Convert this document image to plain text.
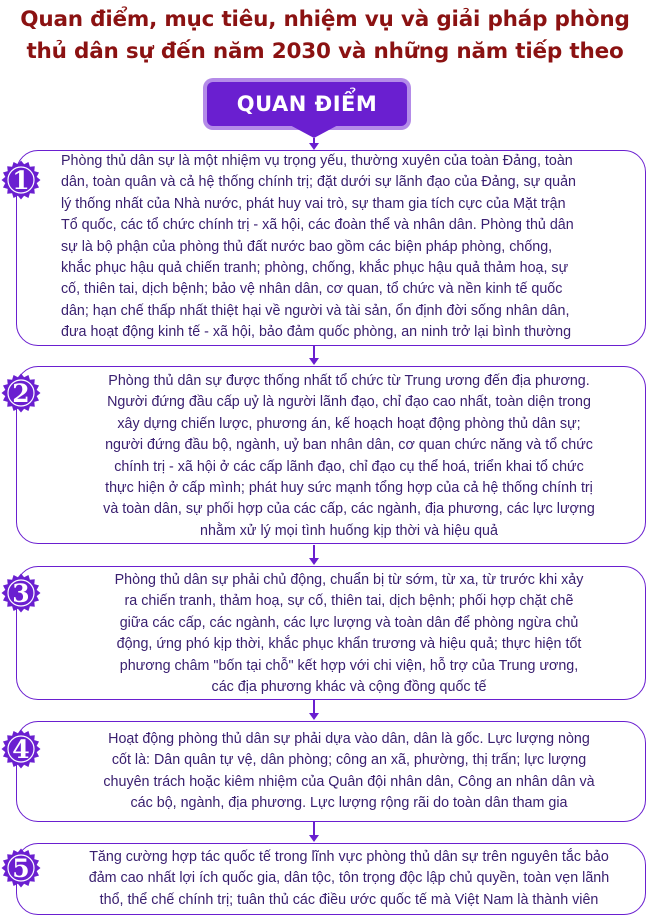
Quan điểm, mục tiêu, nhiệm vụ và giải pháp phòng
thủ dân sự đến năm 2030 và những năm tiếp theo
QUAN ĐIỂM
Phòng thủ dân sự là một nhiệm vụ trọng yếu, thường xuyên của toàn Đảng, toàn
dân, toàn quân và cả hệ thống chính trị; đặt dưới sự lãnh đạo của Đảng, sự quản
lý thống nhất của Nhà nước, phát huy vai trò, sự tham gia tích cực của Mặt trận
Tổ quốc, các tổ chức chính trị - xã hội, các đoàn thể và nhân dân. Phòng thủ dân
sự là bộ phận của phòng thủ đất nước bao gồm các biện pháp phòng, chống,
khắc phục hậu quả chiến tranh; phòng, chống, khắc phục hậu quả thảm hoạ, sự
cố, thiên tai, dịch bệnh; bảo vệ nhân dân, cơ quan, tổ chức và nền kinh tế quốc
dân; hạn chế thấp nhất thiệt hại về người và tài sản, ổn định đời sống nhân dân,
đưa hoạt động kinh tế - xã hội, bảo đảm quốc phòng, an ninh trở lại bình thường
Phòng thủ dân sự được thống nhất tổ chức từ Trung ương đến địa phương.
Người đứng đầu cấp uỷ là người lãnh đạo, chỉ đạo cao nhất, toàn diện trong
xây dựng chiến lược, phương án, kế hoạch hoạt động phòng thủ dân sự;
người đứng đầu bộ, ngành, uỷ ban nhân dân, cơ quan chức năng và tổ chức
chính trị - xã hội ở các cấp lãnh đạo, chỉ đạo cụ thể hoá, triển khai tổ chức
thực hiện ở cấp mình; phát huy sức mạnh tổng hợp của cả hệ thống chính trị
và toàn dân, sự phối hợp của các cấp, các ngành, địa phương, các lực lượng
nhằm xử lý mọi tình huống kịp thời và hiệu quả
Phòng thủ dân sự phải chủ động, chuẩn bị từ sớm, từ xa, từ trước khi xảy
ra chiến tranh, thảm hoạ, sự cố, thiên tai, dịch bệnh; phối hợp chặt chẽ
giữa các cấp, các ngành, các lực lượng và toàn dân để phòng ngừa chủ
động, ứng phó kịp thời, khắc phục khẩn trương và hiệu quả; thực hiện tốt
phương châm "bốn tại chỗ" kết hợp với chi viện, hỗ trợ của Trung ương,
các địa phương khác và cộng đồng quốc tế
Hoạt động phòng thủ dân sự phải dựa vào dân, dân là gốc. Lực lượng nòng
cốt là: Dân quân tự vệ, dân phòng; công an xã, phường, thị trấn; lực lượng
chuyên trách hoặc kiêm nhiệm của Quân đội nhân dân, Công an nhân dân và
các bộ, ngành, địa phương. Lực lượng rộng rãi do toàn dân tham gia
Tăng cường hợp tác quốc tế trong lĩnh vực phòng thủ dân sự trên nguyên tắc bảo
đảm cao nhất lợi ích quốc gia, dân tộc, tôn trọng độc lập chủ quyền, toàn vẹn lãnh
thổ, thể chế chính trị; tuân thủ các điều ước quốc tế mà Việt Nam là thành viên
1
2
3
4
5
